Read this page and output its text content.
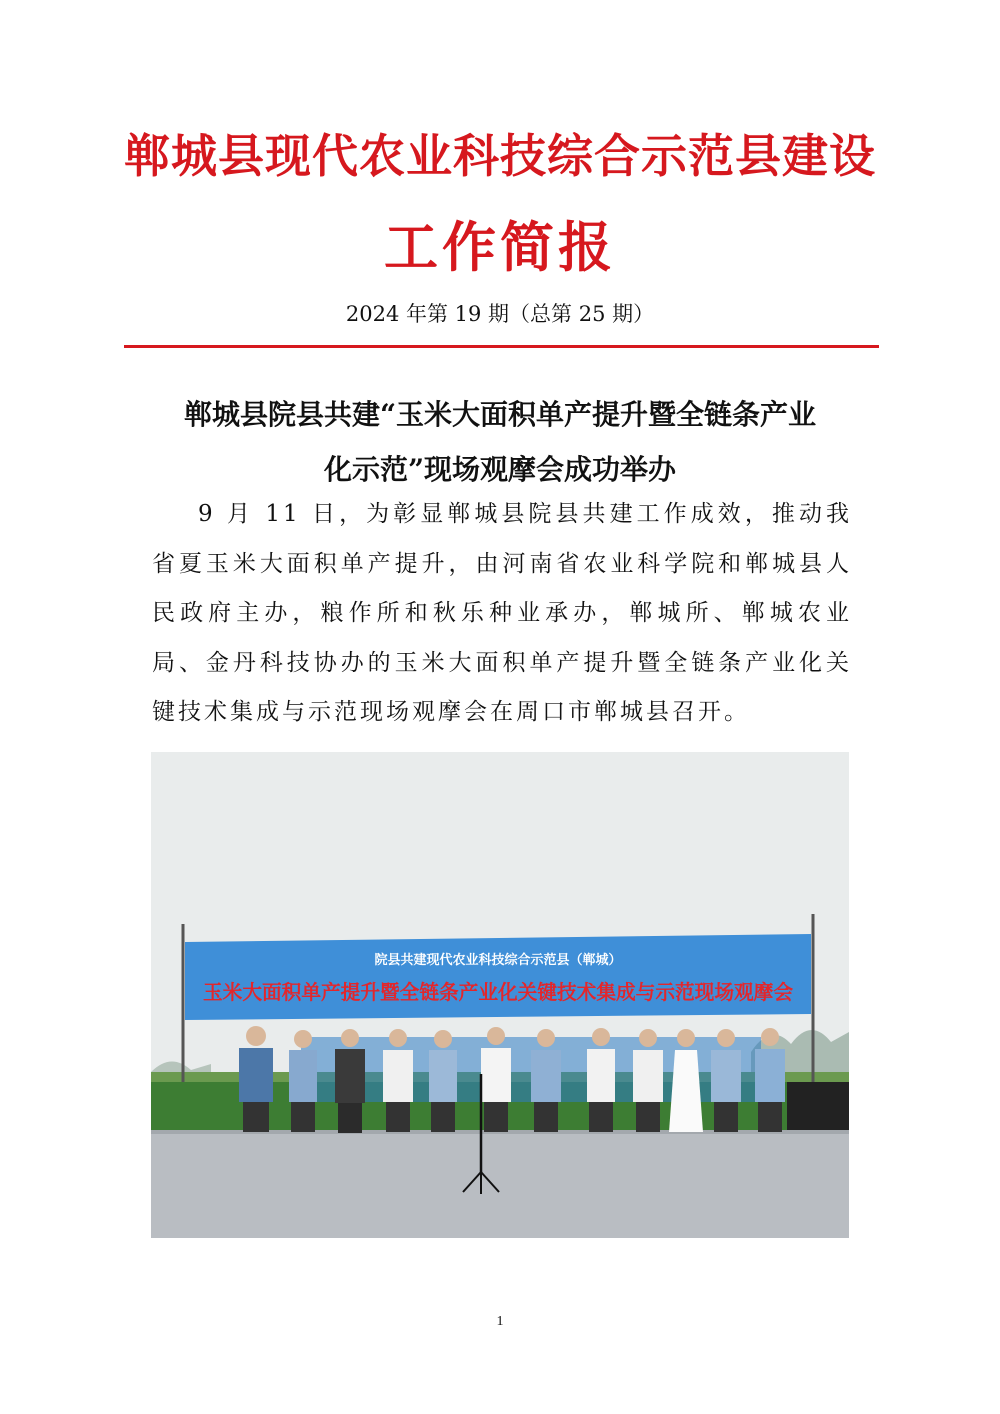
郸城县现代农业科技综合示范县建设
工作简报
2024 年第 19 期（总第 25 期）
郸城县院县共建“玉米大面积单产提升暨全链条产业
化示范”现场观摩会成功举办

9 月 11 日，为彰显郸城县院县共建工作成效，推动我省夏玉米大面积单产提升，由河南省农业科学院和郸城县人民政府主办，粮作所和秋乐种业承办，郸城所、郸城农业局、金丹科技协办的玉米大面积单产提升暨全链条产业化关键技术集成与示范现场观摩会在周口市郸城县召开。

院县共建现代农业科技综合示范县（郸城）
玉米大面积单产提升暨全链条产业化关键技术集成与示范现场观摩会
1
